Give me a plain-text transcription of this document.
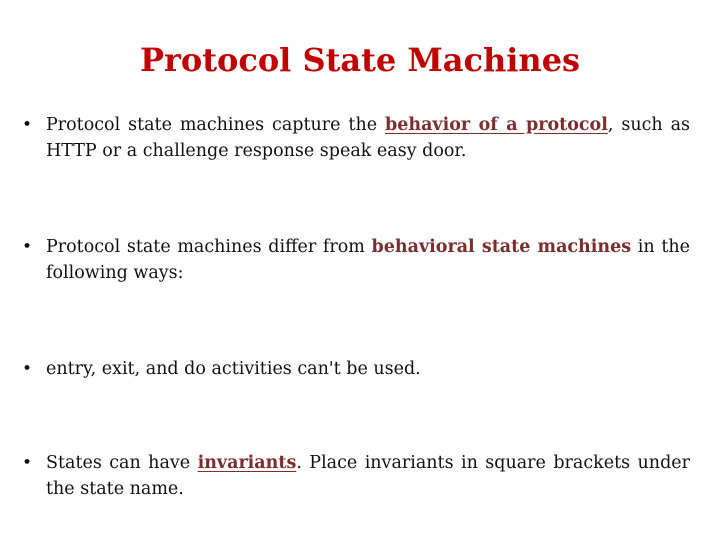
Protocol State Machines
• Protocol state machines capture the behavior of a protocol, such as HTTP or a challenge response speak easy door.
• Protocol state machines differ from behavioral state machines in the following ways:
• entry, exit, and do activities can't be used.
• States can have invariants. Place invariants in square brackets under the state name.
